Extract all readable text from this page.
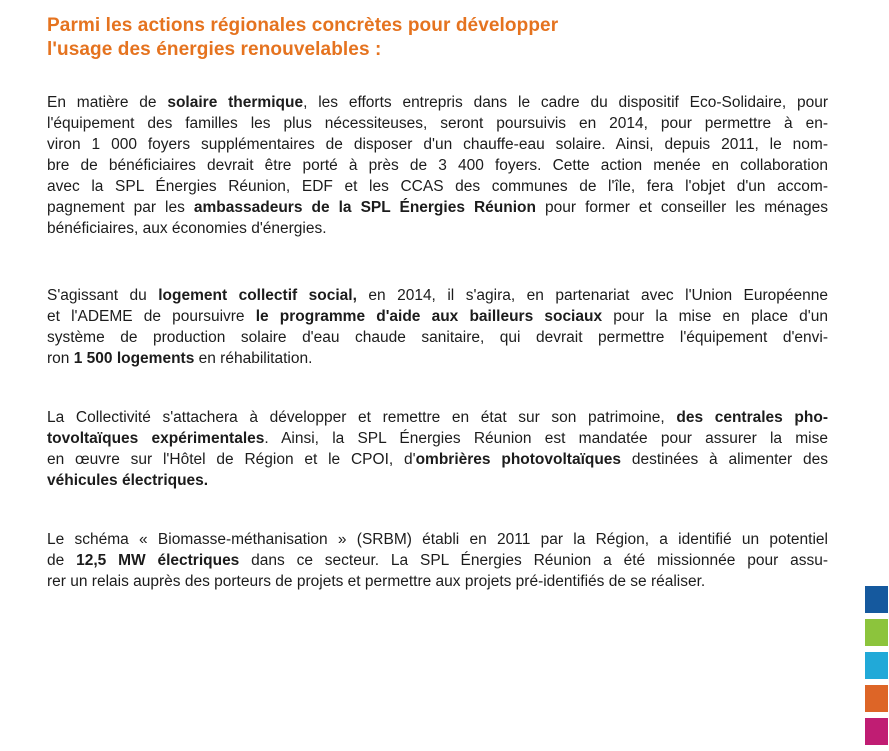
Parmi les actions régionales concrètes pour développer
l'usage des énergies renouvelables :
En matière de solaire thermique, les efforts entrepris dans le cadre du dispositif Eco-Solidaire, pour
l'équipement des familles les plus nécessiteuses, seront poursuivis en 2014, pour permettre à en-
viron 1 000 foyers supplémentaires de disposer d'un chauffe-eau solaire. Ainsi, depuis 2011, le nom-
bre de bénéficiaires devrait être porté à près de 3 400 foyers. Cette action menée en collaboration
avec la SPL Énergies Réunion, EDF et les CCAS des communes de l'île, fera l'objet d'un accom-
pagnement par les ambassadeurs de la SPL Énergies Réunion pour former et conseiller les ménages
bénéficiaires, aux économies d'énergies.
S'agissant du logement collectif social, en 2014, il s'agira, en partenariat avec l'Union Européenne
et l'ADEME de poursuivre le programme d'aide aux bailleurs sociaux pour la mise en place d'un
système de production solaire d'eau chaude sanitaire, qui devrait permettre l'équipement d'envi-
ron 1 500 logements en réhabilitation.
La Collectivité s'attachera à développer et remettre en état sur son patrimoine, des centrales pho-
tovoltaïques expérimentales. Ainsi, la SPL Énergies Réunion est mandatée pour assurer la mise
en œuvre sur l'Hôtel de Région et le CPOI, d'ombrières photovoltaïques destinées à alimenter des
véhicules électriques.
Le schéma « Biomasse-méthanisation » (SRBM) établi en 2011 par la Région, a identifié un potentiel
de 12,5 MW électriques dans ce secteur. La SPL Énergies Réunion a été missionnée pour assu-
rer un relais auprès des porteurs de projets et permettre aux projets pré-identifiés de se réaliser.
